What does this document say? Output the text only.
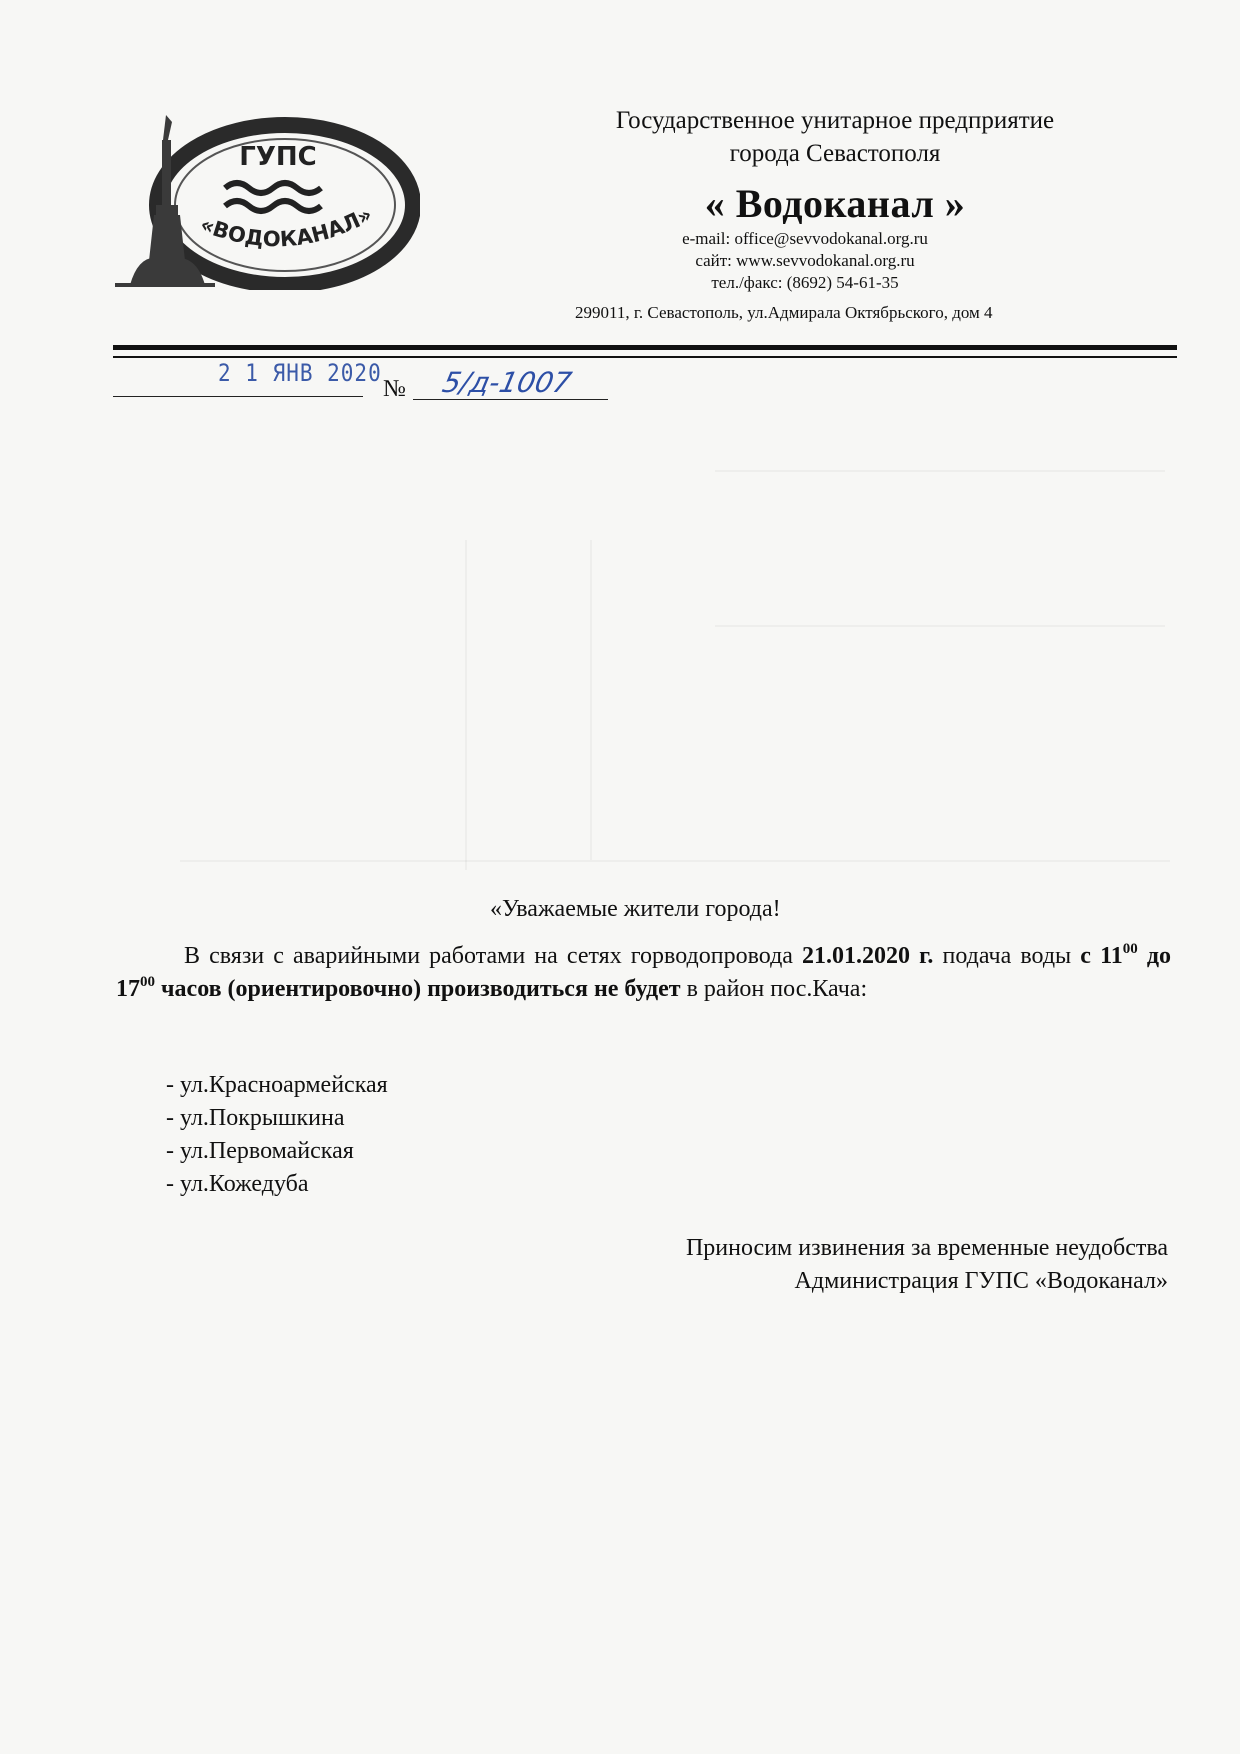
ГУПС
«ВОДОКАНАЛ»
Государственное унитарное предприятие
города Севастополя
« Водоканал »
e-mail: office@sevvodokanal.org.ru
сайт: www.sevvodokanal.org.ru
тел./факс: (8692) 54-61-35
299011, г. Севастополь, ул.Адмирала Октябрьского, дом 4
2 1 ЯНВ 2020
№ 5/д-1007
«Уважаемые жители города!
В связи с аварийными работами на сетях горводопровода 21.01.2020 г. подача воды с $11^{00}$ до $17^{00}$ часов (ориентировочно) производиться не будет в район пос.Кача:
- ул.Красноармейская
- ул.Покрышкина
- ул.Первомайская
- ул.Кожедуба
Приносим извинения за временные неудобства
Администрация ГУПС «Водоканал»
